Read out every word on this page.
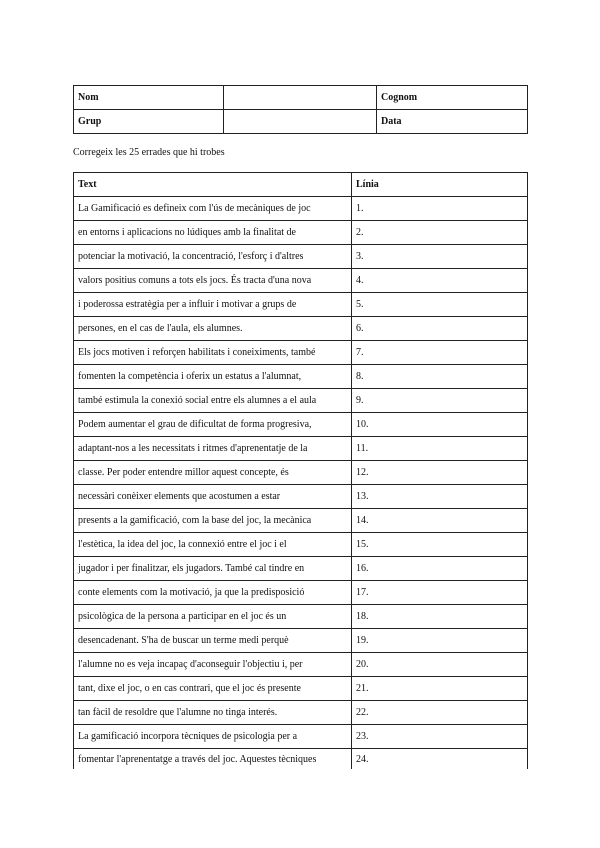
Nom		Cognom
Grup		Data
Corregeix les 25 errades que hi trobes
Text	Línia
La Gamificació es defineix com l'ús de mecàniques de joc	1.
en entorns i aplicacions no lúdiques amb la finalitat de	2.
potenciar la motivació, la concentració, l'esforç i d'altres	3.
valors positius comuns a tots els jocs. És tracta d'una nova	4.
i poderossa estratègia per a influir i motivar a grups de	5.
persones, en el cas de l'aula, els alumnes.	6.
Els jocs motiven i reforçen habilitats i coneiximents, també	7.
fomenten la competència i oferix un estatus a l'alumnat,	8.
també estimula la conexió social entre els alumnes a el aula	9.
Podem aumentar el grau de dificultat de forma progresiva,	10.
adaptant-nos a les necessitats i ritmes d'aprenentatje de la	11.
classe. Per poder entendre millor aquest concepte, és	12.
necessàri conèixer elements que acostumen a estar	13.
presents a la gamificació, com la base del joc, la mecànica	14.
l'estètica, la idea del joc, la connexió entre el joc i el	15.
jugador i per finalitzar, els jugadors. També cal tindre en	16.
conte elements com la motivació, ja que la predisposició	17.
psicològica de la persona a participar en el joc és un	18.
desencadenant. S'ha de buscar un terme medi perquè	19.
l'alumne no es veja incapaç d'aconseguir l'objectiu i, per	20.
tant, dixe el joc, o en cas contrari, que el joc és presente	21.
tan fàcil de resoldre que l'alumne no tinga interés.	22.
La gamificació incorpora tècniques de psicologia per a	23.
fomentar l'aprenentatge a través del joc. Aquestes tècniques	24.
